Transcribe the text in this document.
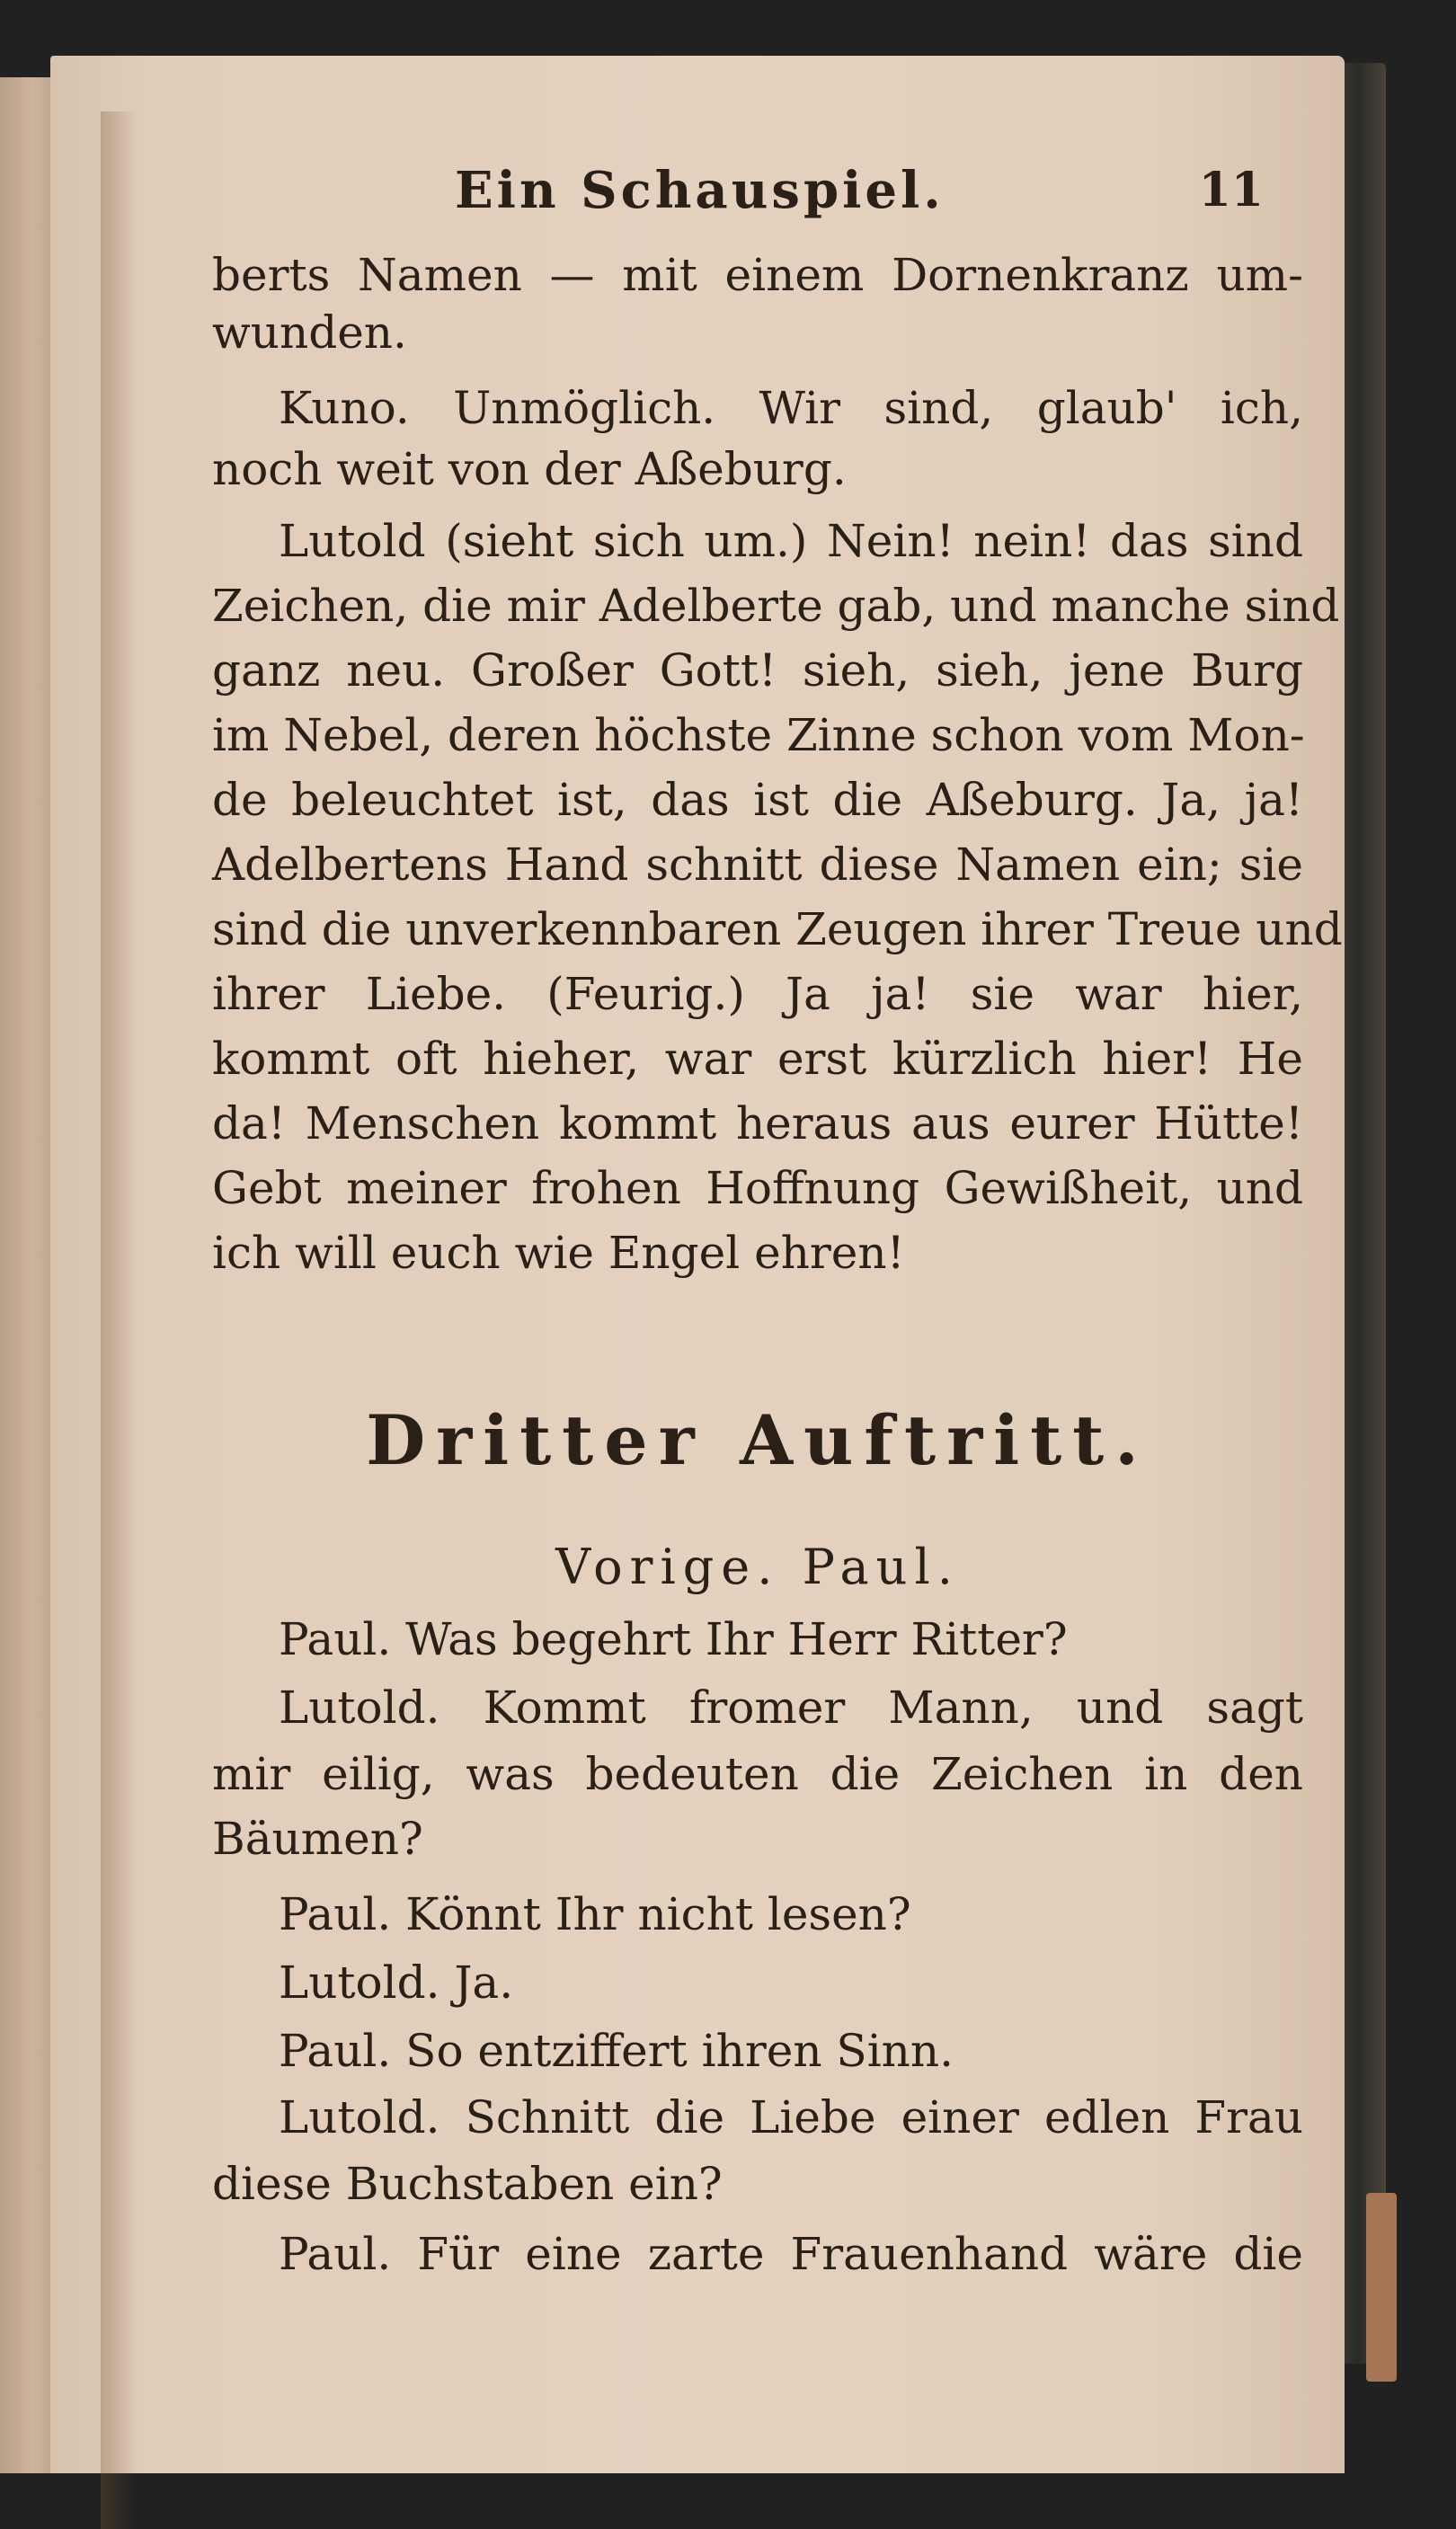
Ein Schauspiel.	11
berts Namen — mit einem Dornenkranz um-
wunden.
Kuno. Unmöglich. Wir sind, glaub' ich,
noch weit von der Aßeburg.
Lutold (sieht sich um.) Nein! nein! das sind
Zeichen, die mir Adelberte gab, und manche sind
ganz neu. Großer Gott! sieh, sieh, jene Burg
im Nebel, deren höchste Zinne schon vom Mon-
de beleuchtet ist, das ist die Aßeburg. Ja, ja!
Adelbertens Hand schnitt diese Namen ein; sie
sind die unverkennbaren Zeugen ihrer Treue und
ihrer Liebe. (Feurig.) Ja ja! sie war hier,
kommt oft hieher, war erst kürzlich hier! He
da! Menschen kommt heraus aus eurer Hütte!
Gebt meiner frohen Hoffnung Gewißheit, und
ich will euch wie Engel ehren!
Dritter Auftritt.
Vorige. Paul.
Paul. Was begehrt Ihr Herr Ritter?
Lutold. Kommt fromer Mann, und sagt
mir eilig, was bedeuten die Zeichen in den
Bäumen?
Paul. Könnt Ihr nicht lesen?
Lutold. Ja.
Paul. So entziffert ihren Sinn.
Lutold. Schnitt die Liebe einer edlen Frau
diese Buchstaben ein?
Paul. Für eine zarte Frauenhand wäre die
